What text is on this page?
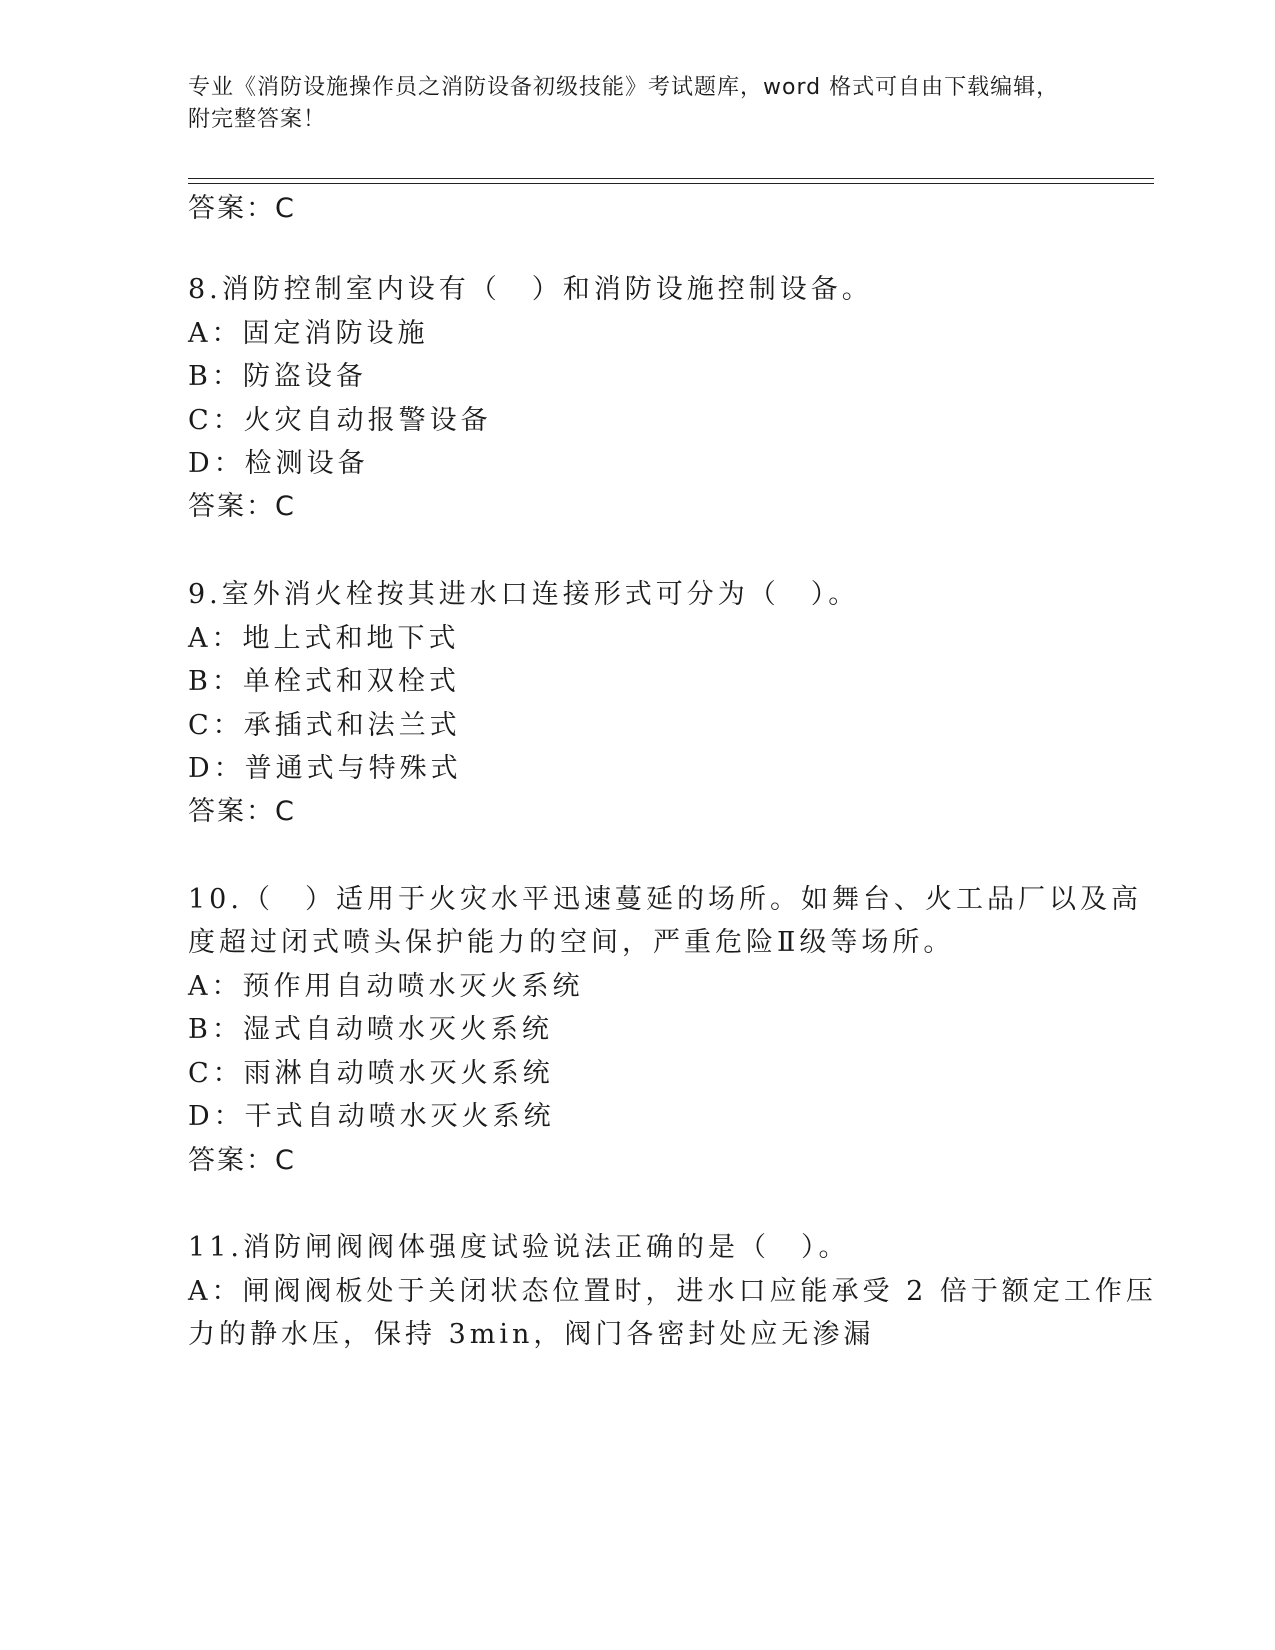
专业《消防设施操作员之消防设备初级技能》考试题库，word 格式可自由下载编辑，附完整答案！
答案：C
8.消防控制室内设有（　）和消防设施控制设备。
A：固定消防设施
B：防盗设备
C：火灾自动报警设备
D：检测设备
答案：C
9.室外消火栓按其进水口连接形式可分为（　）。
A：地上式和地下式
B：单栓式和双栓式
C：承插式和法兰式
D：普通式与特殊式
答案：C
10.（　）适用于火灾水平迅速蔓延的场所。如舞台、火工品厂以及高
度超过闭式喷头保护能力的空间，严重危险Ⅱ级等场所。
A：预作用自动喷水灭火系统
B：湿式自动喷水灭火系统
C：雨淋自动喷水灭火系统
D：干式自动喷水灭火系统
答案：C
11.消防闸阀阀体强度试验说法正确的是（　）。
A：闸阀阀板处于关闭状态位置时，进水口应能承受 2 倍于额定工作压
力的静水压，保持 3min，阀门各密封处应无渗漏
